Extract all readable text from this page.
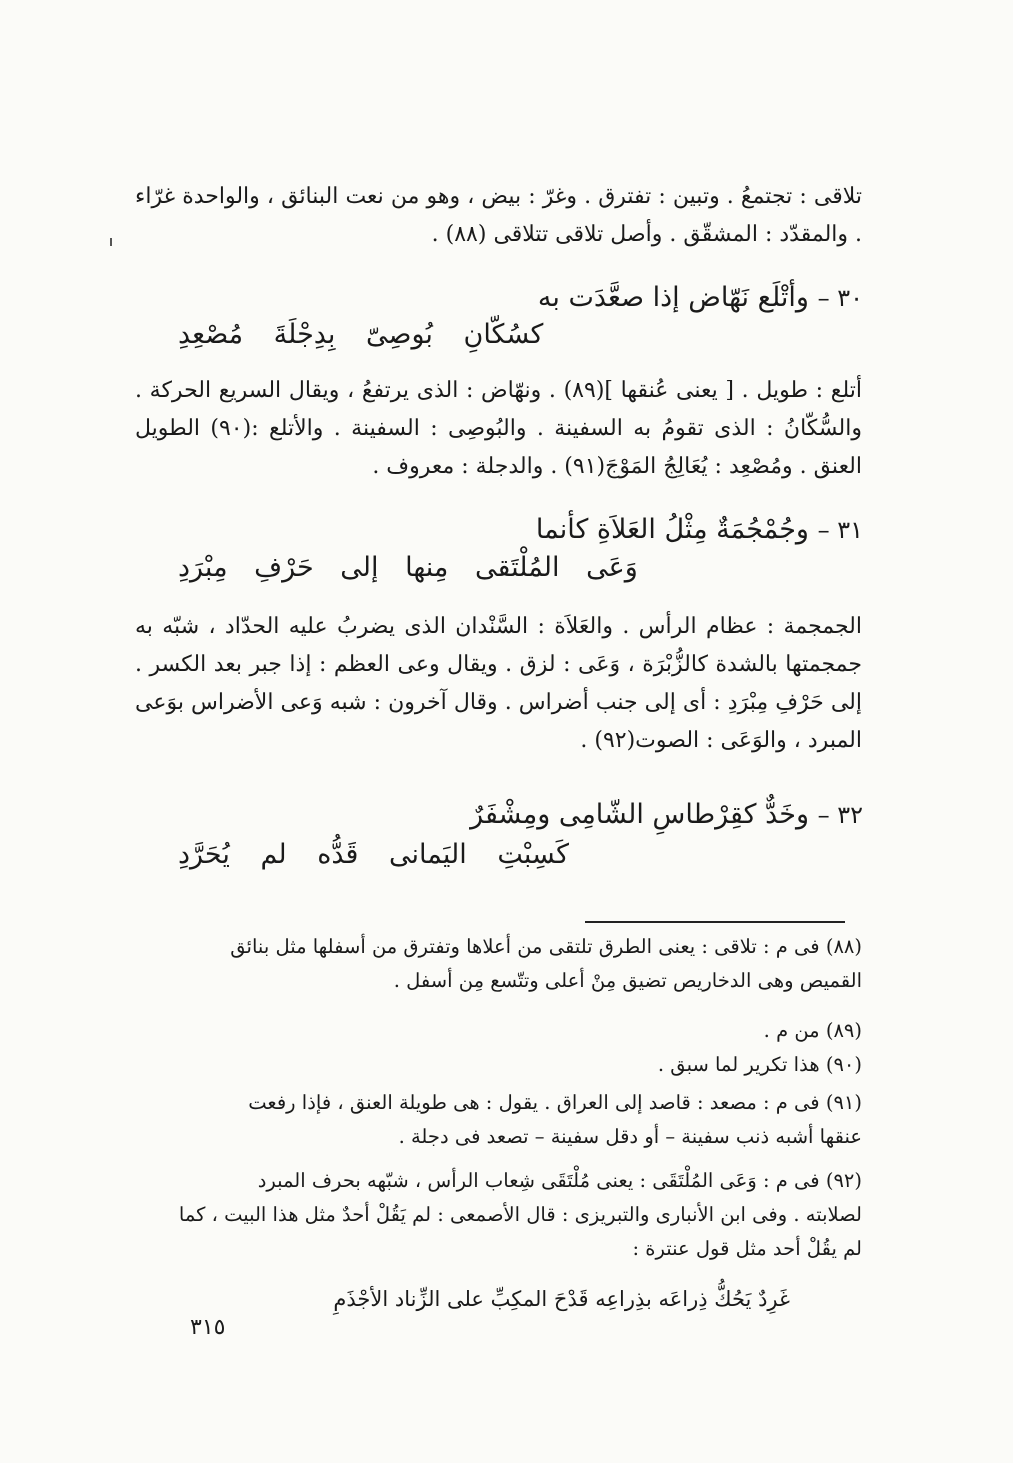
تلاقى : تجتمعُ . وتبين : تفترق . وغرّ : بيض ، وهو من نعت البنائق ، والواحدة غرّاء . والمقدّد : المشقّق . وأصل تلاقى تتلاقى (٨٨) .
٣٠ – وأتْلَع نَهّاض إذا صعَّدَت به
كسُكّانِ بُوصِىّ بِدِجْلَةَ مُصْعِدِ
أتلع : طويل . [ يعنى عُنقها ](٨٩) . ونهّاض : الذى يرتفعُ ، ويقال السريع الحركة . والسُّكّانُ : الذى تقومُ به السفينة . والبُوصِى : السفينة . والأتلع :(٩٠) الطويل العنق . ومُصْعِد : يُعَالِجُ المَوْجَ(٩١) . والدجلة : معروف .
٣١ – وجُمْجُمَةٌ مِثْلُ العَلاَةِ كأنما
وَعَى المُلْتَقى مِنها إلى حَرْفِ مِبْرَدِ
الجمجمة : عظام الرأس . والعَلاَة : السَّنْدان الذى يضربُ عليه الحدّاد ، شبّه به جمجمتها بالشدة كالزُّبْرَة ، وَعَى : لزق . ويقال وعى العظم : إذا جبر بعد الكسر . إلى حَرْفِ مِبْرَدِ : أى إلى جنب أضراس . وقال آخرون : شبه وَعى الأضراس بوَعى المبرد ، والوَعَى : الصوت(٩٢) .
٣٢ – وخَدٌّ كقِرْطاسِ الشّامِى ومِشْفَرٌ
كَسِبْتِ اليَمانى قَدُّه لم يُحَرَّدِ
(٨٨) فى م : تلاقى : يعنى الطرق تلتقى من أعلاها وتفترق من أسفلها مثل بنائق
القميص وهى الدخاريص تضيق مِنْ أعلى وتتّسع مِن أسفل .
(٨٩) من م .
(٩٠) هذا تكرير لما سبق .
(٩١) فى م : مصعد : قاصد إلى العراق . يقول : هى طويلة العنق ، فإذا رفعت
عنقها أشبه ذنب سفينة – أو دقل سفينة – تصعد فى دجلة .
(٩٢) فى م : وَعَى المُلْتَقَى : يعنى مُلْتَقَى شِعاب الرأس ، شبّهه بحرف المبرد
لصلابته . وفى ابن الأنبارى والتبريزى : قال الأصمعى : لم يَقُلْ أحدٌ مثل هذا البيت ، كما
لم يقُلْ أحد مثل قول عنترة :
غَرِدٌ يَحُكُّ ذِراعَه بذِراعِه قَدْحَ المكِبِّ على الزِّناد الأجْذَمِ
٣١٥
